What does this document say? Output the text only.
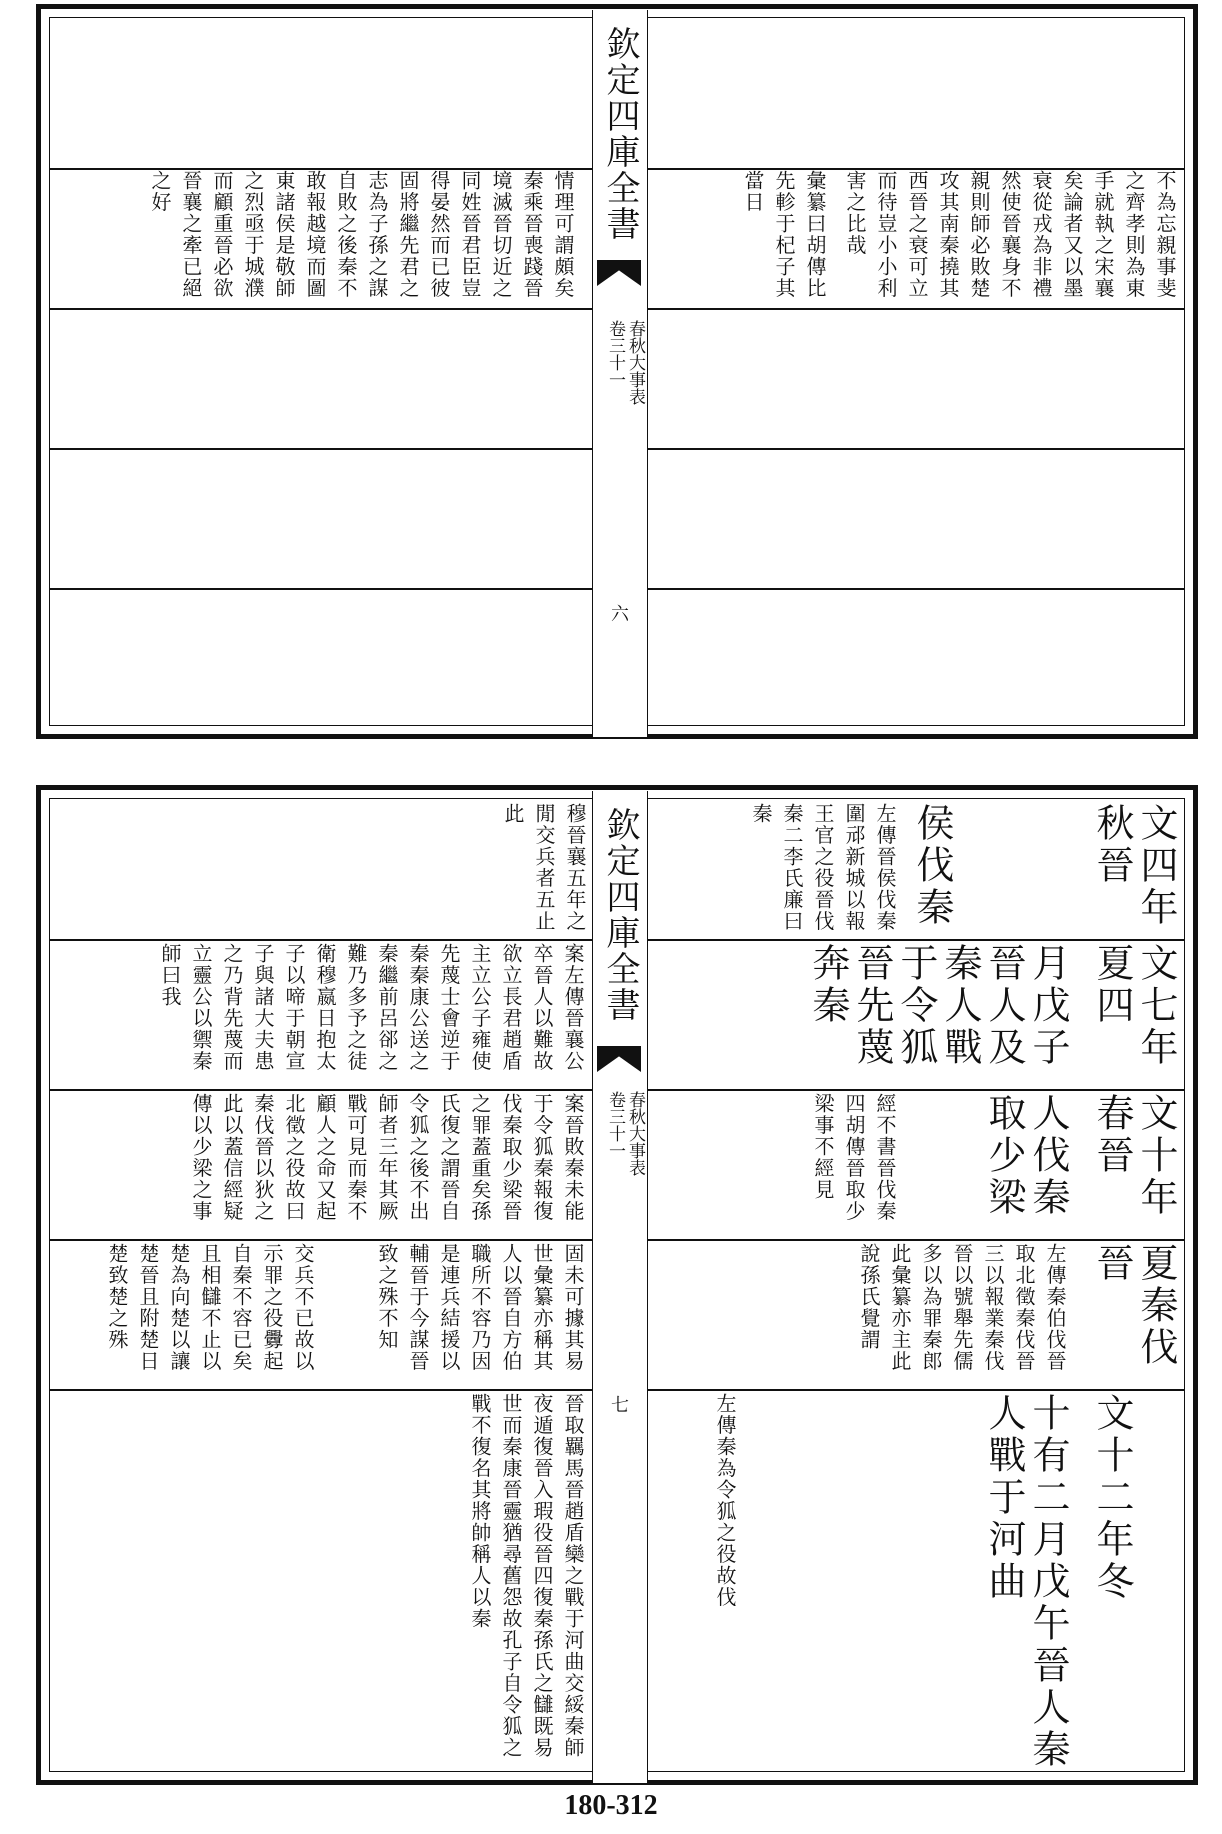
欽定四庫全書
春秋大事表
卷三十一
六
不為忘親事斐之齊孝則為東手就執之宋襄矣論者又以墨衰從戎為非禮然使晉襄身不親則師必敗楚攻其南秦撓其西晉之衰可立而待豈小小利害之比哉
彙纂曰胡傳比先軫于杞子其當日
情理可謂頗矣秦乘晉喪踐晉境滅晉切近之同姓晉君臣豈得晏然而已彼固將繼先君之志為子孫之謀自敗之後秦不敢報越境而圖東諸侯是敬師之烈亟于城濮而顧重晉必欲晉襄之牽已絕之好
欽定四庫全書
春秋大事表
卷三十一
七
文四年秋晉
侯伐秦
左傳晉侯伐秦圍邧新城以報王官之役晉伐秦二李氏廉曰秦
文七年夏四
月戊子晉人及秦人戰于令狐晉先蔑奔秦
文十年春晉
人伐秦取少梁
經不書晉伐秦四胡傳晉取少梁事不經見
夏秦伐晉
左傳秦伯伐晉取北徵秦伐晉三以報業秦伐晉以號舉先儒多以為罪秦郎此彙纂亦主此說孫氏覺謂
文十二年冬
十有二月戊午晉人秦人戰于河曲
左傳秦為令狐之役故伐
穆晉襄五年之閒交兵者五止此
案左傳晉襄公卒晉人以難故欲立長君趙盾主立公子雍使先蔑士會逆于秦秦康公送之秦繼前呂郤之難乃多予之徒衛穆嬴日抱太子以啼于朝宣子與諸大夫患之乃背先蔑而立靈公以禦秦師曰我
案晉敗秦未能于令狐秦報復伐秦取少梁晉之罪蓋重矣孫氏復之謂晉自令狐之後不出師者三年其厥戰可見而秦不顧人之命又起北徵之役故曰秦伐晉以狄之此以蓋信經疑傳以少梁之事
固未可據其易世彙纂亦稱其人以晉自方伯職所不容乃因是連兵結援以輔晉于今謀晉致之殊不知
交兵不已故以示罪之役釁起自秦不容已矣且相讎不止以楚為向楚以讓楚晉且附楚日楚致楚之殊
晉取羈馬晉趙盾欒之戰于河曲交綏秦師夜遁復晉入瑕役晉四復秦孫氏之讎既易世而秦康晉靈猶尋舊怨故孔子自令狐之戰不復名其將帥稱人以秦
180-312
